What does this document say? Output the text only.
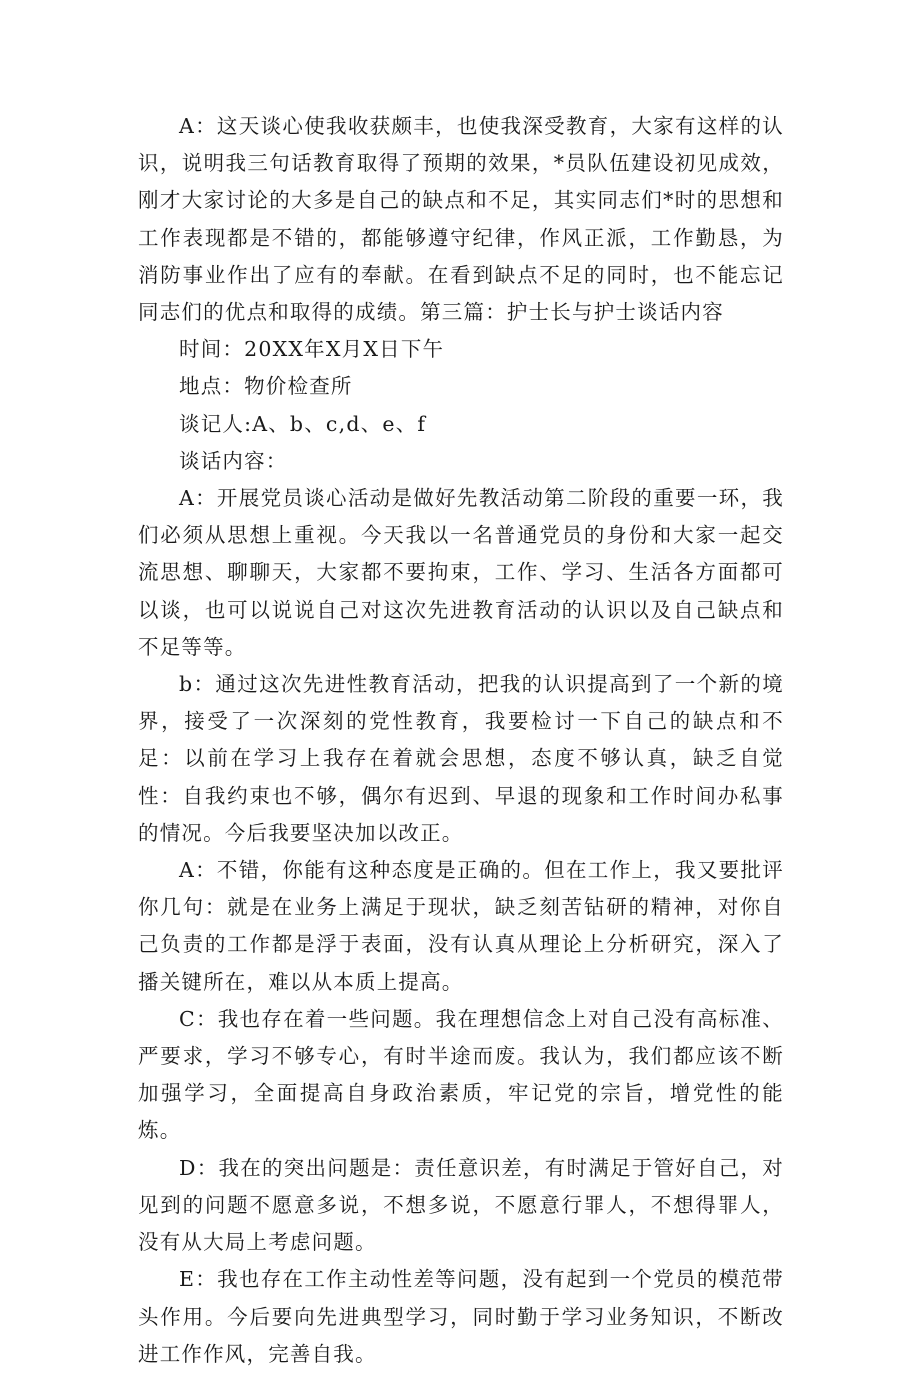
A：这天谈心使我收获颇丰，也使我深受教育，大家有这样的认识，说明我三句话教育取得了预期的效果，*员队伍建设初见成效，刚才大家讨论的大多是自己的缺点和不足，其实同志们*时的思想和工作表现都是不错的，都能够遵守纪律，作风正派，工作勤恳，为消防事业作出了应有的奉献。在看到缺点不足的同时，也不能忘记同志们的优点和取得的成绩。第三篇：护士长与护士谈话内容

时间：20XX年X月X日下午

地点：物价检查所

谈记人:A、b、c,d、e、f

谈话内容：

A：开展党员谈心活动是做好先教活动第二阶段的重要一环，我们必须从思想上重视。今天我以一名普通党员的身份和大家一起交流思想、聊聊天，大家都不要拘束，工作、学习、生活各方面都可以谈，也可以说说自己对这次先进教育活动的认识以及自己缺点和不足等等。

b：通过这次先进性教育活动，把我的认识提高到了一个新的境界，接受了一次深刻的党性教育，我要检讨一下自己的缺点和不足：以前在学习上我存在着就会思想，态度不够认真，缺乏自觉性：自我约束也不够，偶尔有迟到、早退的现象和工作时间办私事的情况。今后我要坚决加以改正。

A：不错，你能有这种态度是正确的。但在工作上，我又要批评你几句：就是在业务上满足于现状，缺乏刻苦钻研的精神，对你自己负责的工作都是浮于表面，没有认真从理论上分析研究，深入了播关键所在，难以从本质上提高。

C：我也存在着一些问题。我在理想信念上对自己没有高标准、严要求，学习不够专心，有时半途而废。我认为，我们都应该不断加强学习，全面提高自身政治素质，牢记党的宗旨，增党性的能炼。

D：我在的突出问题是：责任意识差，有时满足于管好自己，对见到的问题不愿意多说，不想多说，不愿意行罪人，不想得罪人，没有从大局上考虑问题。

E：我也存在工作主动性差等问题，没有起到一个党员的模范带头作用。今后要向先进典型学习，同时勤于学习业务知识，不断改进工作作风，完善自我。
